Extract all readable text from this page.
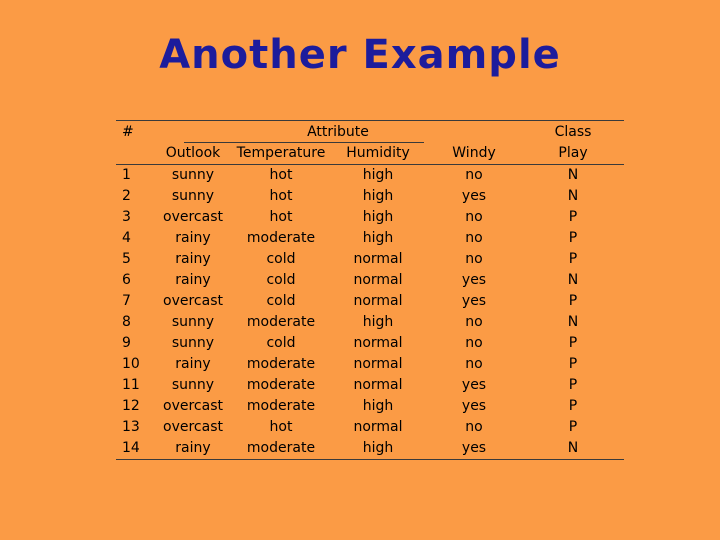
Another Example
#	Attribute				Class
	Outlook	Temperature	Humidity	Windy	Play
1	sunny	hot	high	no	N
2	sunny	hot	high	yes	N
3	overcast	hot	high	no	P
4	rainy	moderate	high	no	P
5	rainy	cold	normal	no	P
6	rainy	cold	normal	yes	N
7	overcast	cold	normal	yes	P
8	sunny	moderate	high	no	N
9	sunny	cold	normal	no	P
10	rainy	moderate	normal	no	P
11	sunny	moderate	normal	yes	P
12	overcast	moderate	high	yes	P
13	overcast	hot	normal	no	P
14	rainy	moderate	high	yes	N
